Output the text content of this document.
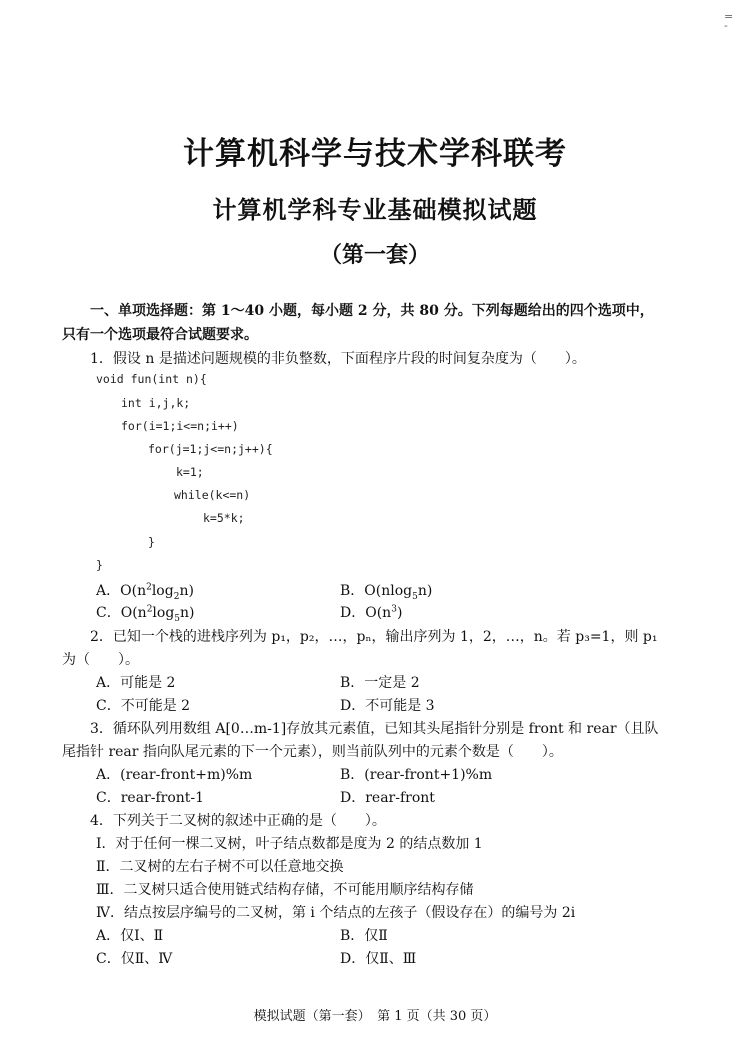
= -
计算机科学与技术学科联考
计算机学科专业基础模拟试题
（第一套）
一、单项选择题：第 1～40 小题，每小题 2 分，共 80 分。下列每题给出的四个选项中，
只有一个选项最符合试题要求。
1．假设 n 是描述问题规模的非负整数，下面程序片段的时间复杂度为（　　）。
void fun(int n){
int i,j,k;
for(i=1;i<=n;i++)
for(j=1;j<=n;j++){
k=1;
while(k<=n)
k=5*k;
}
}
A．$O(n^2\log_2n)$	B．O(nlog$_5$n)
C．$O(n^2\log_5n)$	D．$O(n^3)$
2．已知一个栈的进栈序列为 p₁，p₂，…，pₙ，输出序列为 1，2，…，n。若 p₃=1，则 p₁
为（　　）。
A．可能是 2	B．一定是 2
C．不可能是 2	D．不可能是 3
3．循环队列用数组 A[0…m-1]存放其元素值，已知其头尾指针分别是 front 和 rear（且队
尾指针 rear 指向队尾元素的下一个元素），则当前队列中的元素个数是（　　）。
A．(rear-front+m)%m	B．(rear-front+1)%m
C．rear-front-1	D．rear-front
4．下列关于二叉树的叙述中正确的是（　　）。
Ⅰ．对于任何一棵二叉树，叶子结点数都是度为 2 的结点数加 1
Ⅱ．二叉树的左右子树不可以任意地交换
Ⅲ．二叉树只适合使用链式结构存储，不可能用顺序结构存储
Ⅳ．结点按层序编号的二叉树，第 i 个结点的左孩子（假设存在）的编号为 2i
A．仅Ⅰ、Ⅱ	B．仅Ⅱ
C．仅Ⅱ、Ⅳ	D．仅Ⅱ、Ⅲ
模拟试题（第一套）　第 1 页（共 30 页）
